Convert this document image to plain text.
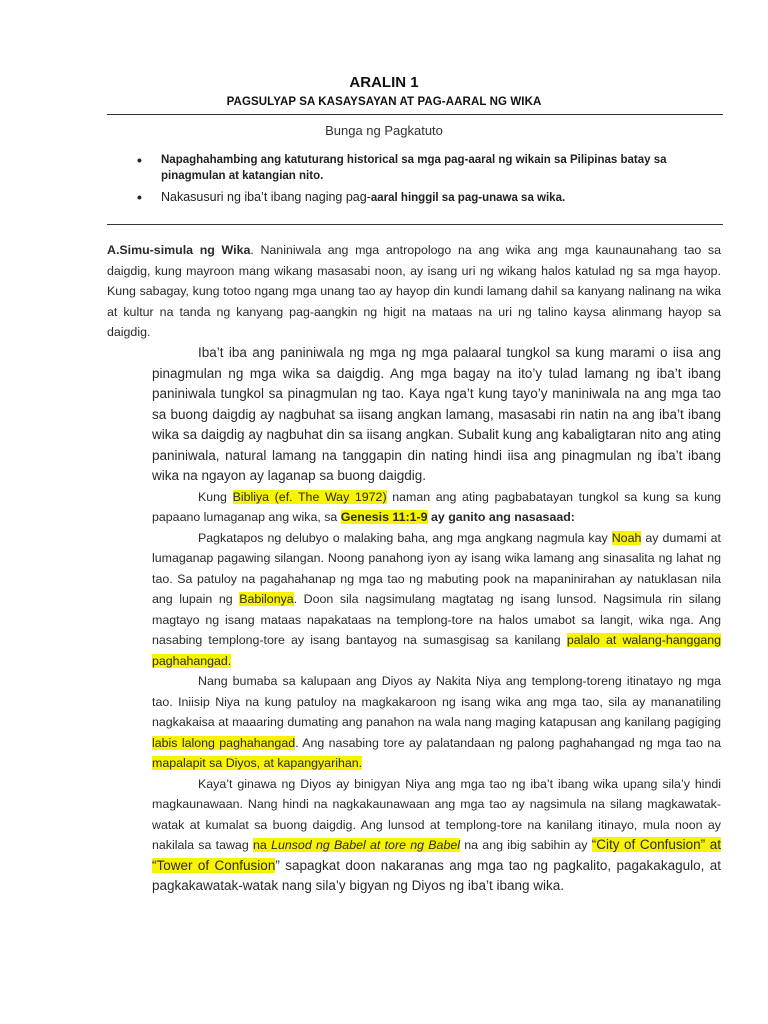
ARALIN 1
PAGSULYAP SA KASAYSAYAN AT PAG-AARAL NG WIKA
Bunga ng Pagkatuto
• Napaghahambing ang katuturang historical sa mga pag-aaral ng wikain sa Pilipinas batay sa pinagmulan at katangian nito.
• Nakasusuri ng iba’t ibang naging pag-aaral hinggil sa pag-unawa sa wika.
A.Simu-simula ng Wika. Naniniwala ang mga antropologo na ang wika ang mga kaunaunahang tao sa daigdig, kung mayroon mang wikang masasabi noon, ay isang uri ng wikang halos katulad ng sa mga hayop. Kung sabagay, kung totoo ngang mga unang tao ay hayop din kundi lamang dahil sa kanyang nalinang na wika at kultur na tanda ng kanyang pag-aangkin ng higit na mataas na uri ng talino kaysa alinmang hayop sa daigdig.

Iba’t iba ang paniniwala ng mga ng mga palaaral tungkol sa kung marami o iisa ang pinagmulan ng mga wika sa daigdig. Ang mga bagay na ito’y tulad lamang ng iba’t ibang paniniwala tungkol sa pinagmulan ng tao. Kaya nga’t kung tayo’y maniniwala na ang mga tao sa buong daigdig ay nagbuhat sa iisang angkan lamang, masasabi rin natin na ang iba’t ibang wika sa daigdig ay nagbuhat din sa iisang angkan. Subalit kung ang kabaligtaran nito ang ating paniniwala, natural lamang na tanggapin din nating hindi iisa ang pinagmulan ng iba’t ibang wika na ngayon ay laganap sa buong daigdig.

Kung Bibliya (ef. The Way 1972) naman ang ating pagbabatayan tungkol sa kung sa kung papaano lumaganap ang wika, sa Genesis 11:1-9 ay ganito ang nasasaad:

Pagkatapos ng delubyo o malaking baha, ang mga angkang nagmula kay Noah ay dumami at lumaganap pagawing silangan. Noong panahong iyon ay isang wika lamang ang sinasalita ng lahat ng tao. Sa patuloy na pagahahanap ng mga tao ng mabuting pook na mapaninirahan ay natuklasan nila ang lupain ng Babilonya. Doon sila nagsimulang magtatag ng isang lunsod. Nagsimula rin silang magtayo ng isang mataas napakataas na templong-tore na halos umabot sa langit, wika nga. Ang nasabing templong-tore ay isang bantayog na sumasgisag sa kanilang palalo at walang-hanggang paghahangad.

Nang bumaba sa kalupaan ang Diyos ay Nakita Niya ang templong-toreng itinatayo ng mga tao. Iniisip Niya na kung patuloy na magkakaroon ng isang wika ang mga tao, sila ay mananatiling nagkakaisa at maaaring dumating ang panahon na wala nang maging katapusan ang kanilang pagiging labis lalong paghahangad. Ang nasabing tore ay palatandaan ng palong paghahangad ng mga tao na mapalapit sa Diyos, at kapangyarihan.

Kaya’t ginawa ng Diyos ay binigyan Niya ang mga tao ng iba’t ibang wika upang sila’y hindi magkaunawaan. Nang hindi na nagkakaunawaan ang mga tao ay nagsimula na silang magkawatak-watak at kumalat sa buong daigdig. Ang lunsod at templong-tore na kanilang itinayo, mula noon ay nakilala sa tawag na Lunsod ng Babel at tore ng Babel na ang ibig sabihin ay “City of Confusion” at “Tower of Confusion” sapagkat doon nakaranas ang mga tao ng pagkalito, pagakakagulo, at pagkakawatak-watak nang sila’y bigyan ng Diyos ng iba’t ibang wika.
